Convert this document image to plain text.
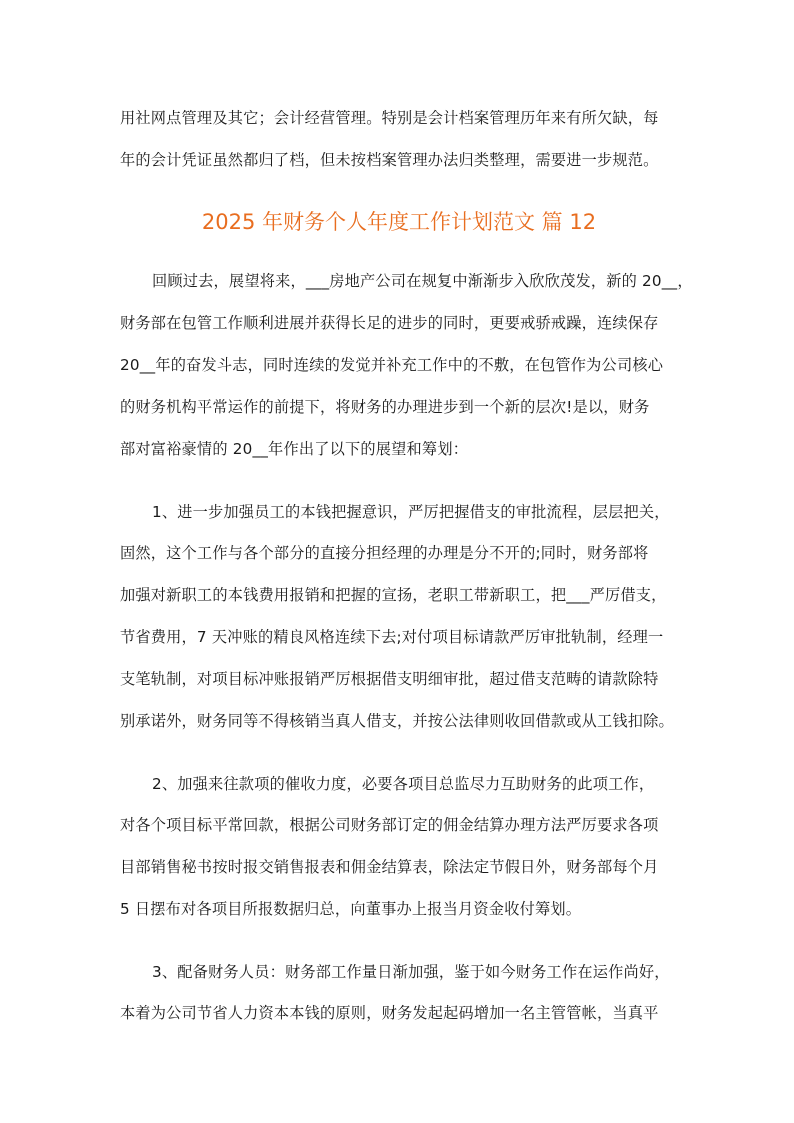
用社网点管理及其它；会计经营管理。特别是会计档案管理历年来有所欠缺，每
年的会计凭证虽然都归了档，但未按档案管理办法归类整理，需要进一步规范。
2025 年财务个人年度工作计划范文 篇 12
回顾过去，展望将来，___房地产公司在规复中渐渐步入欣欣茂发，新的 20__，
财务部在包管工作顺利进展并获得长足的进步的同时，更要戒骄戒躁，连续保存
20__年的奋发斗志，同时连续的发觉并补充工作中的不敷，在包管作为公司核心
的财务机构平常运作的前提下，将财务的办理进步到一个新的层次!是以，财务
部对富裕豪情的 20__年作出了以下的展望和筹划：
1、进一步加强员工的本钱把握意识，严厉把握借支的审批流程，层层把关，
固然，这个工作与各个部分的直接分担经理的办理是分不开的;同时，财务部将
加强对新职工的本钱费用报销和把握的宣扬，老职工带新职工，把___严厉借支，
节省费用，7 天冲账的精良风格连续下去;对付项目标请款严厉审批轨制，经理一
支笔轨制，对项目标冲账报销严厉根据借支明细审批，超过借支范畴的请款除特
别承诺外，财务同等不得核销当真人借支，并按公法律则收回借款或从工钱扣除。
2、加强来往款项的催收力度，必要各项目总监尽力互助财务的此项工作，
对各个项目标平常回款，根据公司财务部订定的佣金结算办理方法严厉要求各项
目部销售秘书按时报交销售报表和佣金结算表，除法定节假日外，财务部每个月
5 日摆布对各项目所报数据归总，向董事办上报当月资金收付筹划。
3、配备财务人员：财务部工作量日渐加强，鉴于如今财务工作在运作尚好，
本着为公司节省人力资本本钱的原则，财务发起起码增加一名主管管帐，当真平
